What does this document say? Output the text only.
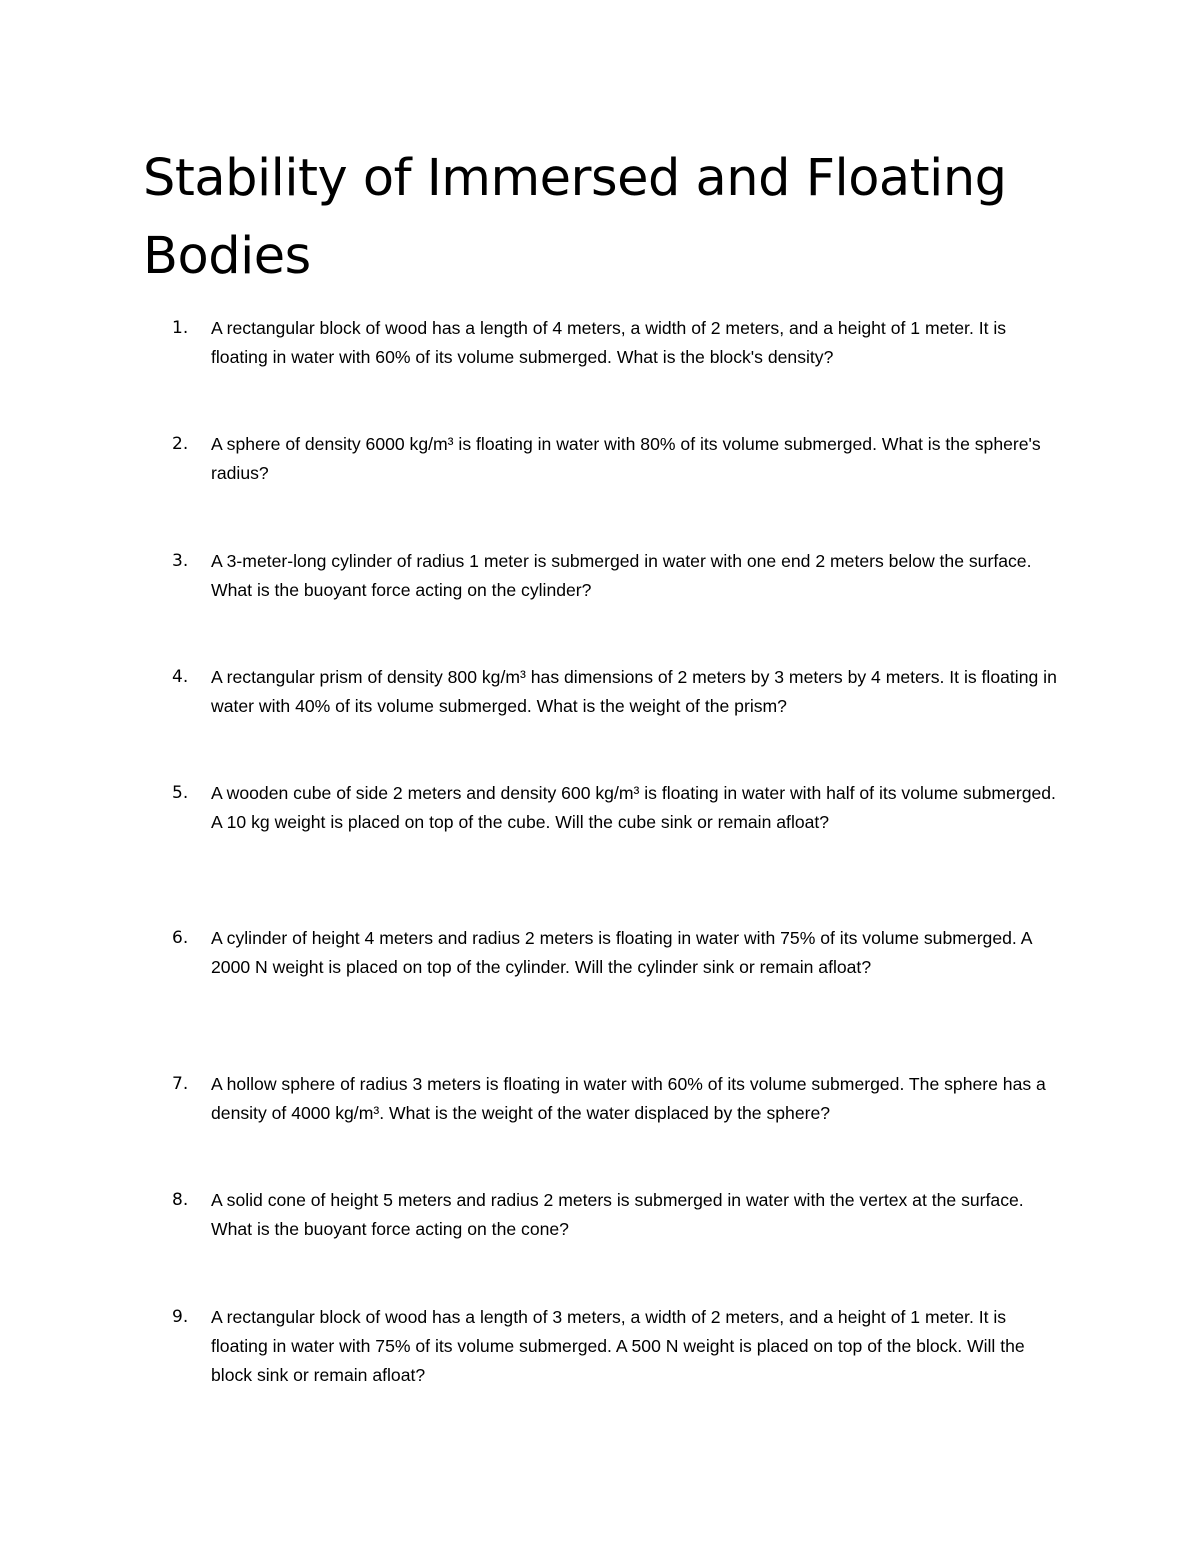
Stability of Immersed and Floating Bodies
1. A rectangular block of wood has a length of 4 meters, a width of 2 meters, and a height of 1 meter. It is floating in water with 60% of its volume submerged. What is the block's density?

2. A sphere of density 6000 kg/m³ is floating in water with 80% of its volume submerged. What is the sphere's radius?

3. A 3-meter-long cylinder of radius 1 meter is submerged in water with one end 2 meters below the surface. What is the buoyant force acting on the cylinder?

4. A rectangular prism of density 800 kg/m³ has dimensions of 2 meters by 3 meters by 4 meters. It is floating in water with 40% of its volume submerged. What is the weight of the prism?

5. A wooden cube of side 2 meters and density 600 kg/m³ is floating in water with half of its volume submerged. A 10 kg weight is placed on top of the cube. Will the cube sink or remain afloat?

6. A cylinder of height 4 meters and radius 2 meters is floating in water with 75% of its volume submerged. A 2000 N weight is placed on top of the cylinder. Will the cylinder sink or remain afloat?

7. A hollow sphere of radius 3 meters is floating in water with 60% of its volume submerged. The sphere has a density of 4000 kg/m³. What is the weight of the water displaced by the sphere?

8. A solid cone of height 5 meters and radius 2 meters is submerged in water with the vertex at the surface. What is the buoyant force acting on the cone?

9. A rectangular block of wood has a length of 3 meters, a width of 2 meters, and a height of 1 meter. It is floating in water with 75% of its volume submerged. A 500 N weight is placed on top of the block. Will the block sink or remain afloat?
